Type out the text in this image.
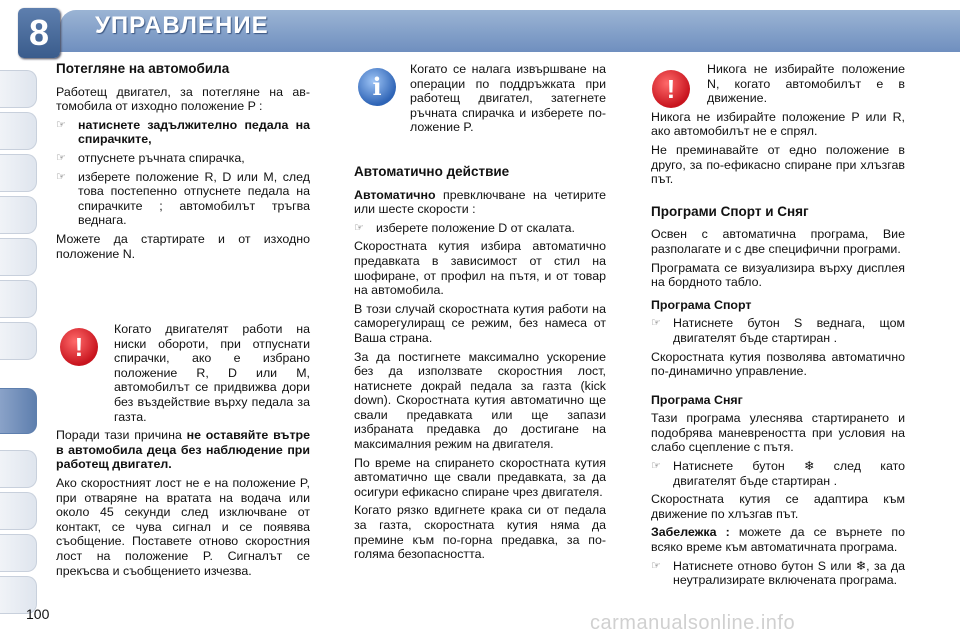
8	УПРАВЛЕНИЕ
Потегляне на автомобила

Работещ двигател, за потегляне на автомобила от изходно положение P :

☞ натиснете задължително педала на спирачките,
☞ отпуснете ръчната спирачка,
☞ изберете положение R, D или M, след това постепенно отпуснете педала на спирачките ; автомобилът тръгва веднага.

Можете да стартирате и от изходно положение N.

!

Когато двигателят работи на ниски обороти, при отпуснати спирачки, ако е избрано положение R, D или M, автомобилът се придвижва дори без въздействие върху педала за газта.

Поради тази причина не оставяйте вътре в автомобила деца без наблюдение при работещ двигател.

Ако скоростният лост не е на положение P, при отваряне на вратата на водача или около 45 секунди след изключване от контакт, се чува сигнал и се появява съобщение. Поставете отново скоростния лост на положение P. Сигналът се прекъсва и съобщението изчезва.

i

Когато се налага извършване на операции по поддръжката при работещ двигател, затегнете ръчната спирачка и изберете положение P.

Автоматично действие

Автоматично превключване на четирите или шесте скорости :

☞ изберете положение D от скалата.

Скоростната кутия избира автоматично предавката в зависимост от стил на шофиране, от профил на пътя, и от товар на автомобила.

В този случай скоростната кутия работи на саморегулиращ се режим, без намеса от Ваша страна.

За да постигнете максимално ускорение без да използвате скоростния лост, натиснете докрай педала за газта (kick down). Скоростната кутия автоматично ще свали предавката или ще запази избраната предавка до достигане на максималния режим на двигателя.

По време на спирането скоростната кутия автоматично ще свали предавката, за да осигури ефикасно спиране чрез двигателя.

Когато рязко вдигнете крака си от педала за газта, скоростната кутия няма да премине към по-горна предавка, за по-голяма безопасността.

!

Никога не избирайте положение N, когато автомобилът е в движение.

Никога не избирайте положение P или R, ако автомобилът не е спрял.

Не преминавайте от едно положение в друго, за по-ефикасно спиране при хлъзгав път.

Програми Спорт и Сняг

Освен с автоматична програма, Вие разполагате и с две специфични програми.

Програмата се визуализира върху дисплея на бордното табло.

Програма Спорт
☞ Натиснете бутон S веднага, щом двигателят бъде стартиран .

Скоростната кутия позволява автоматично по-динамично управление.

Програма Сняг

Тази програма улеснява стартирането и подобрява маневреността при условия на слабо сцепление с пътя.

☞ Натиснете бутон ❄ след като двигателят бъде стартиран .

Скоростната кутия се адаптира към движение по хлъзгав път.

Забележка : можете да се върнете по всяко време към автоматичната програма.

☞ Натиснете отново бутон S или ❄, за да неутрализирате включената програма.
100	carmanualsonline.info
